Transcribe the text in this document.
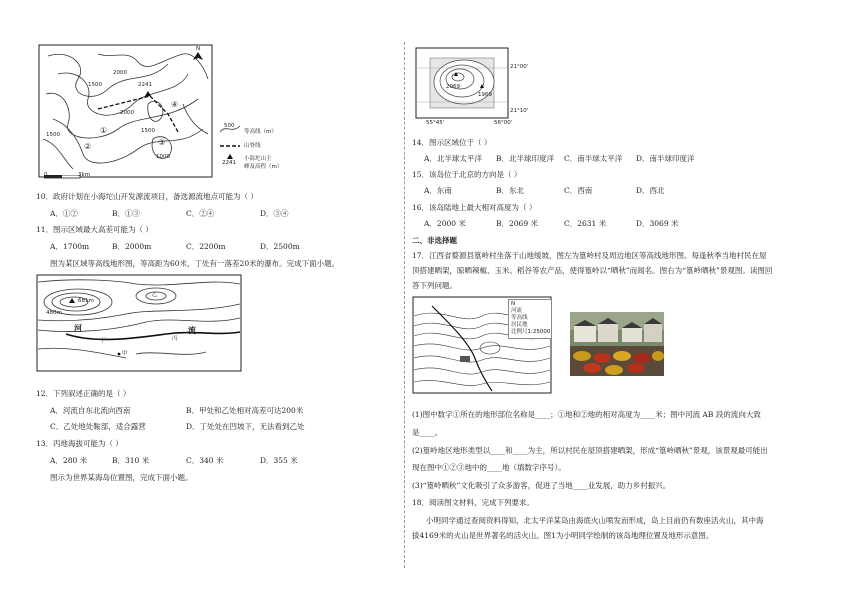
N
1500
2000
2000
1500
1000
1500
2241
①
②	③
④
0	3km
500
等高线（m）
山脊线
2241
小海坨山主
峰及高程（m）
10．政府计划在小海坨山开发源流项目，备选源流地点可能为（ ）
A．①②	B．①③	C．②④	D．③④
11．图示区域最大高差可能为（ ）
A．1700m	B．2000m	C．2200m	D．2500m
图为某区域等高线地形图，等高距为60米，丁处有一落差20米的瀑布。完成下面小题。
681m
480m
河	流
丁	丙
乙
甲
12．下列叙述正确的是（ ）
A．河流自东北流向西南	B．甲处和乙处相对高差可达200米
C．乙处地处鞍部，适合露营	D．丁处处在凹坡下，无法看到乙处
13．丙地海拔可能为（ ）
A．280 米	B．310 米	C．340 米	D．355 米
图示为世界某海岛位置图，完成下面小题。
21°00'
21°10'
55°45'	56°00'
2069
1969
14．图示区域位于（ ）
A．北半球太平洋 B．北半球印度洋 C．南半球太平洋 D．南半球印度洋
15．该岛位于北京的方向是（ ）
A．东南	B．东北	C．西南	D．西北
16．该岛陆地上最大相对高度为（ ）
A．2000 米	B．2069 米	C．2631 米	D．3069 米
二、非选择题
17．江西省婺源县篁岭村坐落于山地缓坡，图左为篁岭村及周边地区等高线地形图。每逢秋季当地村民在屋
顶搭建晒架，晾晒辣椒、玉米、稻谷等农产品，使得篁岭以“晒秋”而闻名。图右为“篁岭晒秋”景观图。读图回
答下列问题。
N
河流
等高线
居民地
比例尺1:25000
(1)图中数字①所在的地形部位名称是____；①地和②地的相对高度为____米；图中河流 AB 段的流向大致
是____。
(2)篁岭地区地形类型以____和____为主，所以村民在屋顶搭建晒架，形成“篁岭晒秋”景观，该景观最可能出
现在图中①②③地中的____地（填数字序号）。
(3)“篁岭晒秋”文化吸引了众多游客，促进了当地____业发展，助力乡村振兴。
18．阅读图文材料，完成下列要求。
小明同学通过查阅资料得知，北太平洋某岛由海底火山喷发而形成，岛上目前仍有数座活火山，其中海
拔4169米的火山是世界著名的活火山。图1为小明同学绘制的该岛地理位置及地形示意图。
